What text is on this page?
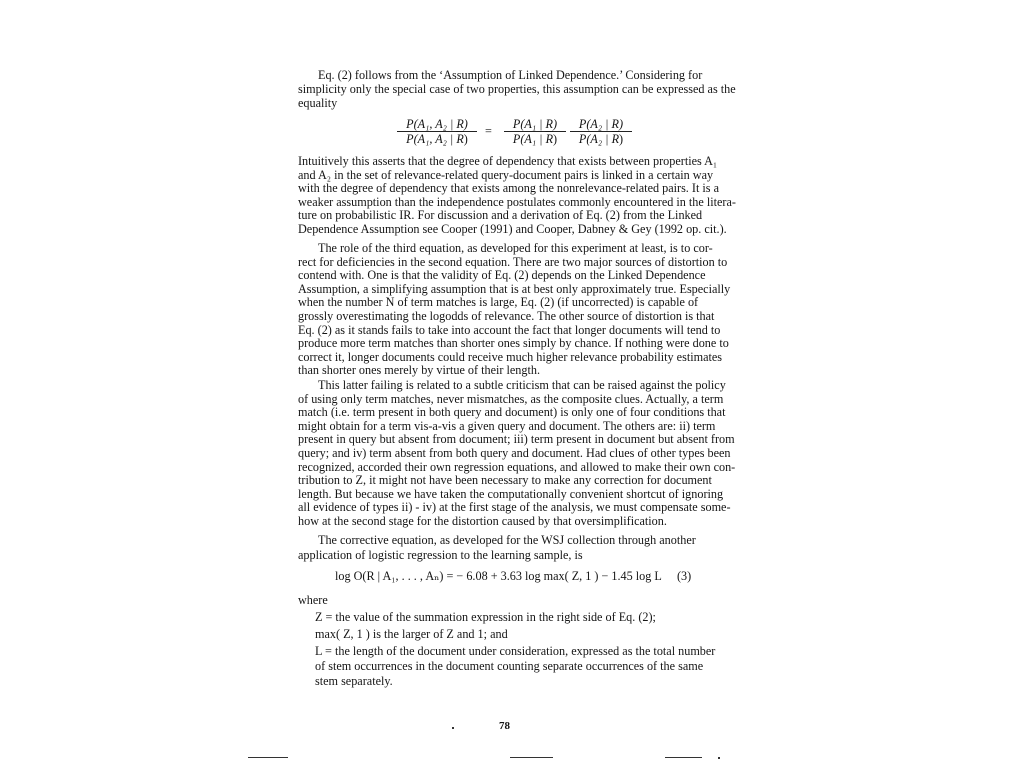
P(A₁, A₂ | R)
P(A₁, A₂ | $\overline{R}$)
=	P(A₁ | R)
P(A₁ | $\overline{R}$)
P(A₂ | R)
P(A₂ | $\overline{R}$)
log O(R | A₁, . . . , Aₙ) = − 6.08 + 3.63 log max( Z, 1 ) − 1.45 log L (3)
78
Eq. (2) follows from the ‘Assumption of Linked Dependence.’ Considering for
simplicity only the special case of two properties, this assumption can be expressed as the
equality
Intuitively this asserts that the degree of dependency that exists between properties A₁
and A₂ in the set of relevance-related query-document pairs is linked in a certain way
with the degree of dependency that exists among the nonrelevance-related pairs. It is a
weaker assumption than the independence postulates commonly encountered in the litera-
ture on probabilistic IR. For discussion and a derivation of Eq. (2) from the Linked
Dependence Assumption see Cooper (1991) and Cooper, Dabney & Gey (1992 op. cit.).
The role of the third equation, as developed for this experiment at least, is to cor-
rect for deficiencies in the second equation. There are two major sources of distortion to
contend with. One is that the validity of Eq. (2) depends on the Linked Dependence
Assumption, a simplifying assumption that is at best only approximately true. Especially
when the number N of term matches is large, Eq. (2) (if uncorrected) is capable of
grossly overestimating the logodds of relevance. The other source of distortion is that
Eq. (2) as it stands fails to take into account the fact that longer documents will tend to
produce more term matches than shorter ones simply by chance. If nothing were done to
correct it, longer documents could receive much higher relevance probability estimates
than shorter ones merely by virtue of their length.
This latter failing is related to a subtle criticism that can be raised against the policy
of using only term matches, never mismatches, as the composite clues. Actually, a term
match (i.e. term present in both query and document) is only one of four conditions that
might obtain for a term vis-a-vis a given query and document. The others are: ii) term
present in query but absent from document; iii) term present in document but absent from
query; and iv) term absent from both query and document. Had clues of other types been
recognized, accorded their own regression equations, and allowed to make their own con-
tribution to Z, it might not have been necessary to make any correction for document
length. But because we have taken the computationally convenient shortcut of ignoring
all evidence of types ii) - iv) at the first stage of the analysis, we must compensate some-
how at the second stage for the distortion caused by that oversimplification.
The corrective equation, as developed for the WSJ collection through another
application of logistic regression to the learning sample, is
where
Z = the value of the summation expression in the right side of Eq. (2);
max( Z, 1 ) is the larger of Z and 1; and
L = the length of the document under consideration, expressed as the total number
of stem occurrences in the document counting separate occurrences of the same
stem separately.
